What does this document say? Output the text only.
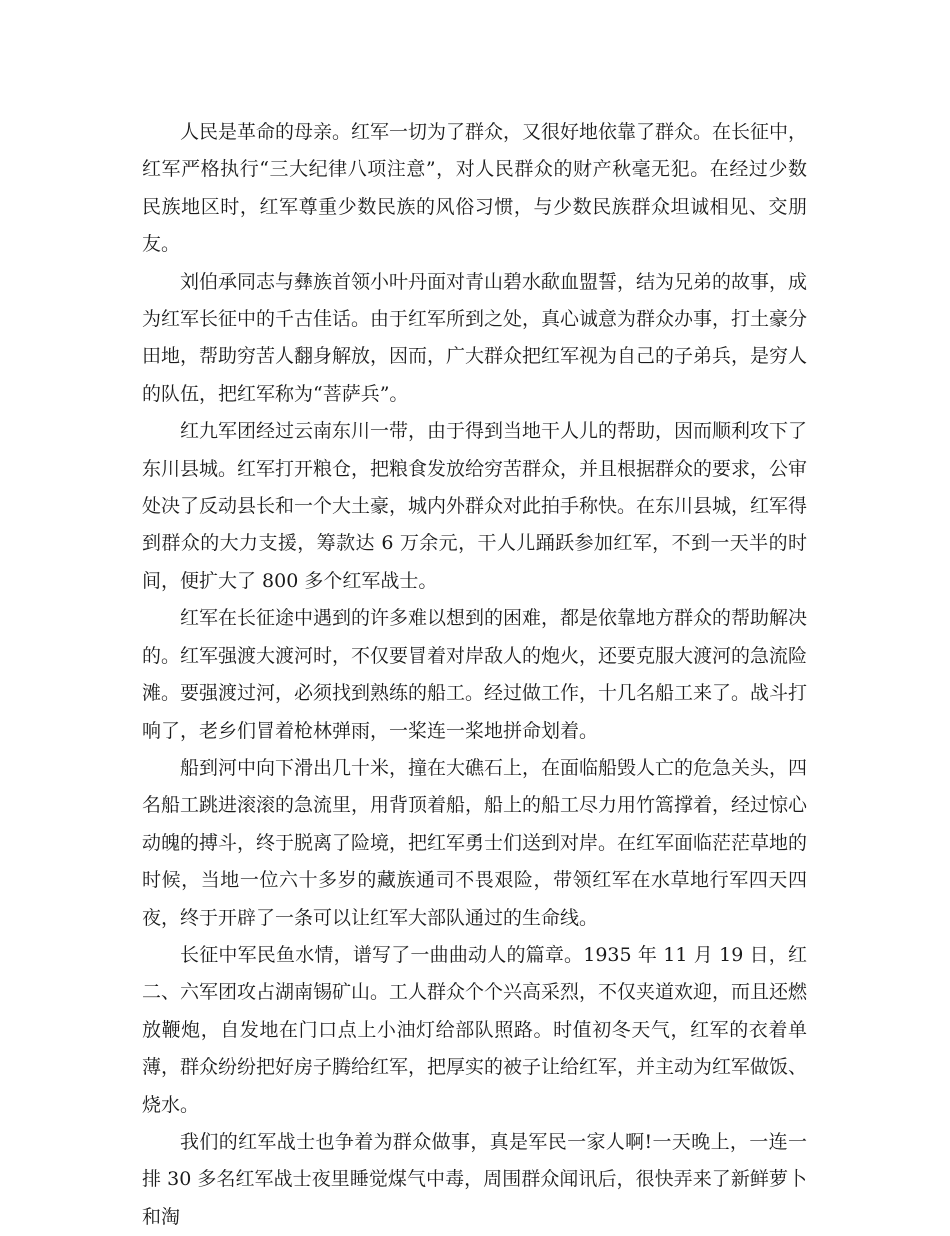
人民是革命的母亲。红军一切为了群众，又很好地依靠了群众。在长征中，红军严格执行“三大纪律八项注意”，对人民群众的财产秋毫无犯。在经过少数民族地区时，红军尊重少数民族的风俗习惯，与少数民族群众坦诚相见、交朋友。

刘伯承同志与彝族首领小叶丹面对青山碧水歃血盟誓，结为兄弟的故事，成为红军长征中的千古佳话。由于红军所到之处，真心诚意为群众办事，打土豪分田地，帮助穷苦人翻身解放，因而，广大群众把红军视为自己的子弟兵，是穷人的队伍，把红军称为“菩萨兵”。

红九军团经过云南东川一带，由于得到当地干人儿的帮助，因而顺利攻下了东川县城。红军打开粮仓，把粮食发放给穷苦群众，并且根据群众的要求，公审处决了反动县长和一个大土豪，城内外群众对此拍手称快。在东川县城，红军得到群众的大力支援，筹款达 6 万余元，干人儿踊跃参加红军，不到一天半的时间，便扩大了 800 多个红军战士。

红军在长征途中遇到的许多难以想到的困难，都是依靠地方群众的帮助解决的。红军强渡大渡河时，不仅要冒着对岸敌人的炮火，还要克服大渡河的急流险滩。要强渡过河，必须找到熟练的船工。经过做工作，十几名船工来了。战斗打响了，老乡们冒着枪林弹雨，一桨连一桨地拼命划着。

船到河中向下滑出几十米，撞在大礁石上，在面临船毁人亡的危急关头，四名船工跳进滚滚的急流里，用背顶着船，船上的船工尽力用竹篙撑着，经过惊心动魄的搏斗，终于脱离了险境，把红军勇士们送到对岸。在红军面临茫茫草地的时候，当地一位六十多岁的藏族通司不畏艰险，带领红军在水草地行军四天四夜，终于开辟了一条可以让红军大部队通过的生命线。

长征中军民鱼水情，谱写了一曲曲动人的篇章。1935 年 11 月 19 日，红二、六军团攻占湖南锡矿山。工人群众个个兴高采烈，不仅夹道欢迎，而且还燃放鞭炮，自发地在门口点上小油灯给部队照路。时值初冬天气，红军的衣着单薄，群众纷纷把好房子腾给红军，把厚实的被子让给红军，并主动为红军做饭、烧水。

我们的红军战士也争着为群众做事，真是军民一家人啊!一天晚上，一连一排 30 多名红军战士夜里睡觉煤气中毒，周围群众闻讯后，很快弄来了新鲜萝卜和淘
